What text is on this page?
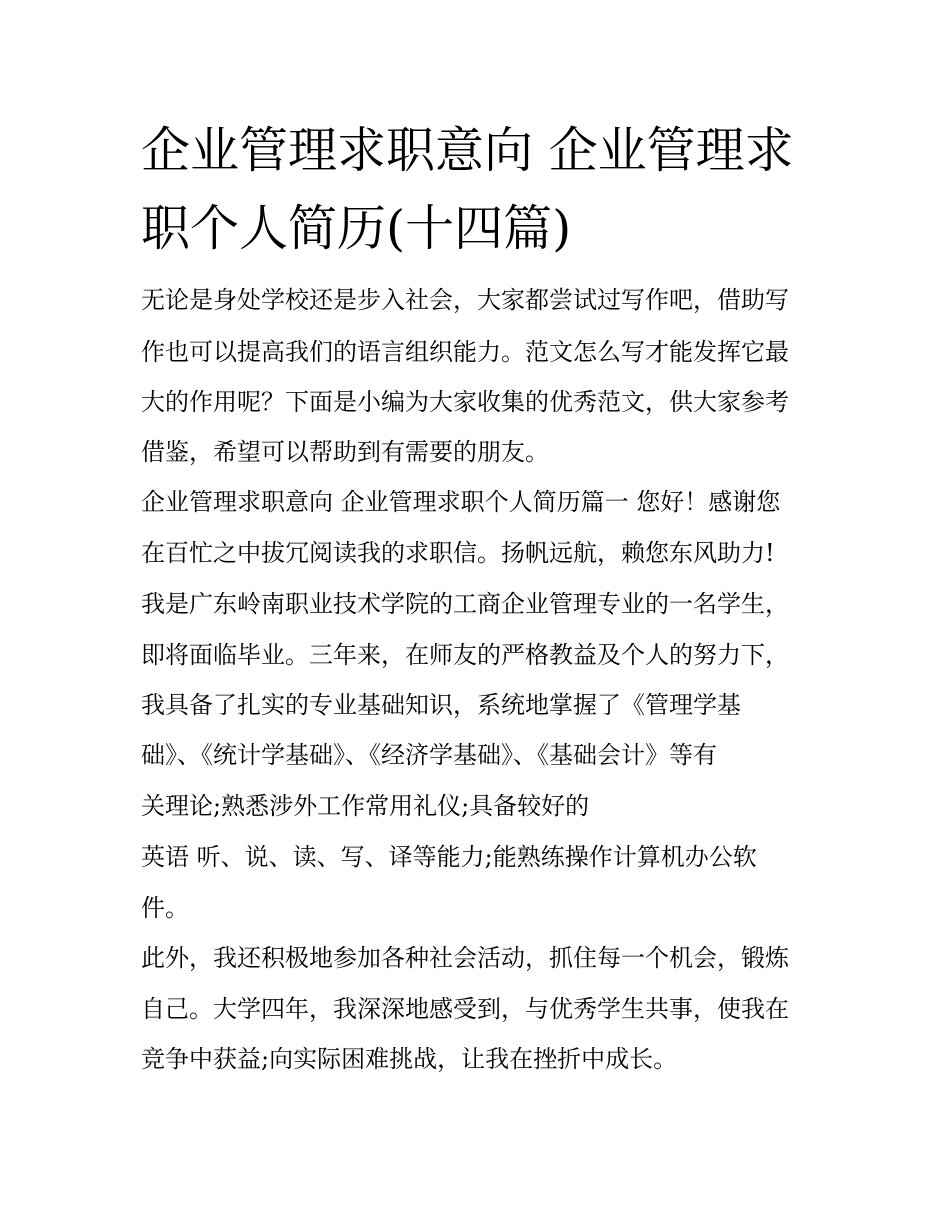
企业管理求职意向 企业管理求
职个人简历(十四篇)

无论是身处学校还是步入社会，大家都尝试过写作吧，借助写

作也可以提高我们的语言组织能力。范文怎么写才能发挥它最

大的作用呢？下面是小编为大家收集的优秀范文，供大家参考

借鉴，希望可以帮助到有需要的朋友。

企业管理求职意向 企业管理求职个人简历篇一 您好！感谢您

在百忙之中拔冗阅读我的求职信。扬帆远航，赖您东风助力!

我是广东岭南职业技术学院的工商企业管理专业的一名学生，

即将面临毕业。三年来，在师友的严格教益及个人的努力下，

我具备了扎实的专业基础知识，系统地掌握了《管理学基

础》、《统计学基础》、《经济学基础》、《基础会计》等有

关理论;熟悉涉外工作常用礼仪;具备较好的

英语 听、说、读、写、译等能力;能熟练操作计算机办公软

件。

此外，我还积极地参加各种社会活动，抓住每一个机会，锻炼

自己。大学四年，我深深地感受到，与优秀学生共事，使我在

竞争中获益;向实际困难挑战，让我在挫折中成长。
